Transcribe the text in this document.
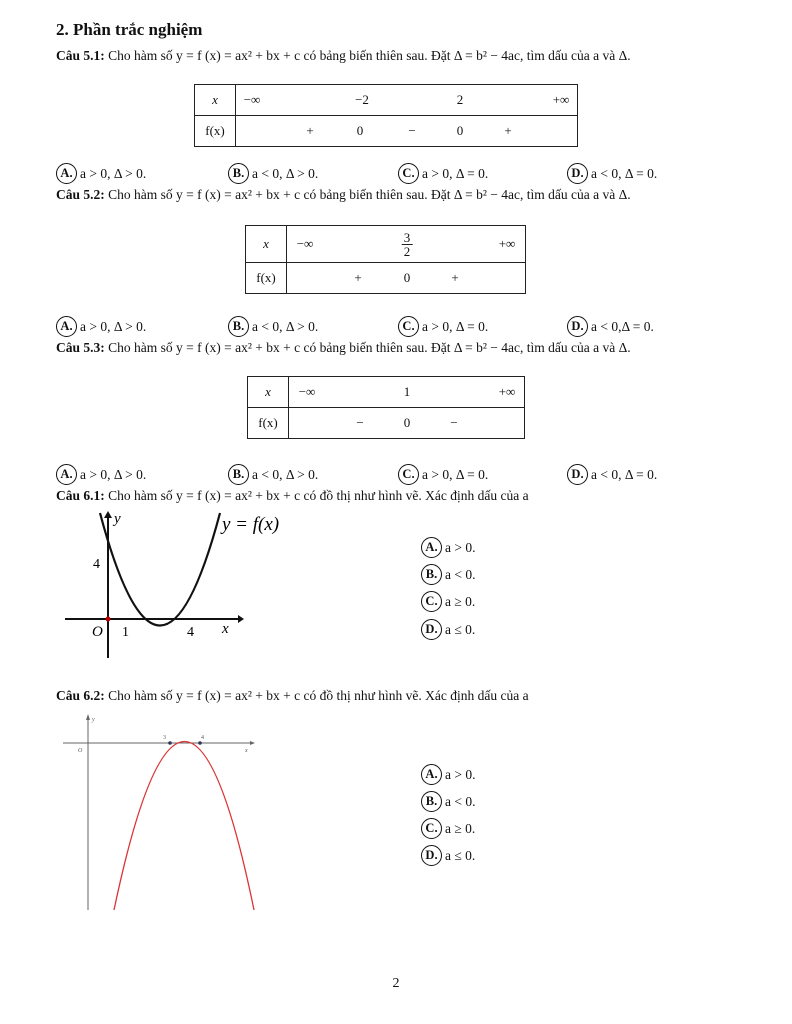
2. Phần trắc nghiệm
Câu 5.1: Cho hàm số y = f (x) = ax² + bx + c có bảng biến thiên sau. Đặt Δ = b² − 4ac, tìm dấu của a và Δ.
x	−∞ −2 2 +∞

f(x)	+ 0 − 0 +
A. a > 0, Δ > 0.	B. a < 0, Δ > 0.	C. a > 0, Δ = 0.	D. a < 0, Δ = 0.
Câu 5.2: Cho hàm số y = f (x) = ax² + bx + c có bảng biến thiên sau. Đặt Δ = b² − 4ac, tìm dấu của a và Δ.
x	−∞ $\frac{3}{2}$ +∞

f(x)	+ 0 +
A. a > 0, Δ > 0.	B. a < 0, Δ > 0.	C. a > 0, Δ = 0.	D. a < 0,Δ = 0.
Câu 5.3: Cho hàm số y = f (x) = ax² + bx + c có bảng biến thiên sau. Đặt Δ = b² − 4ac, tìm dấu của a và Δ.
x	−∞ 1 +∞

f(x)	− 0 −
A. a > 0, Δ > 0.	B. a < 0, Δ > 0.	C. a > 0, Δ = 0.	D. a < 0, Δ = 0.
Câu 6.1: Cho hàm số y = f (x) = ax² + bx + c có đồ thị như hình vẽ. Xác định dấu của a
y	y = f(x)
4
O 1	4 x
A. a > 0.
B. a < 0.
C. a ≥ 0.
D. a ≤ 0.
Câu 6.2: Cho hàm số y = f (x) = ax² + bx + c có đồ thị như hình vẽ. Xác định dấu của a
y
O
3	4
x
A. a > 0.
B. a < 0.
C. a ≥ 0.
D. a ≤ 0.
2
